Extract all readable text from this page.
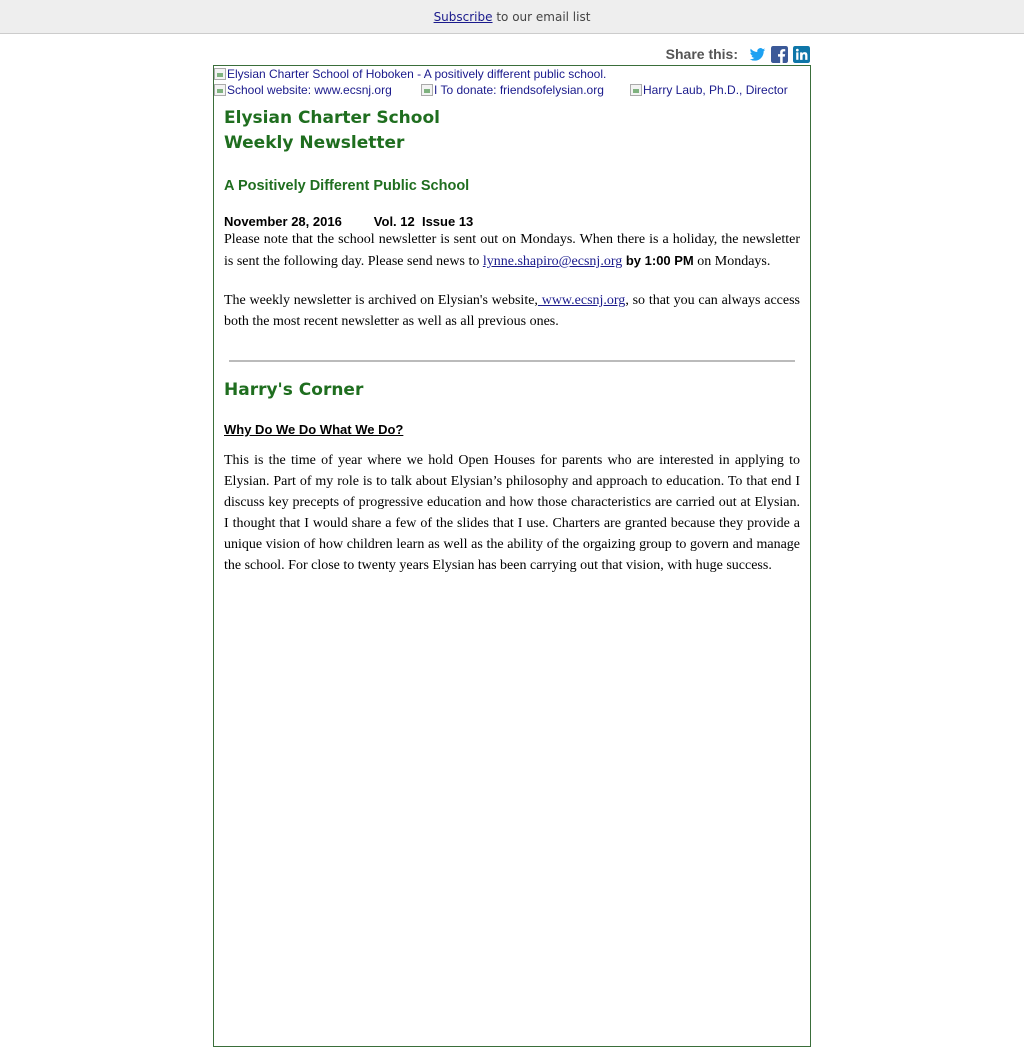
Subscribe to our email list
Share this:
Elysian Charter School of Hoboken - A positively different public school.
School website: www.ecsnj.org	I To donate: friendsofelysian.org	Harry Laub, Ph.D., Director
Elysian Charter School
Weekly Newsletter
A Positively Different Public School
November 28, 2016 Vol. 12  Issue 13

Please note that the school newsletter is sent out on Mondays. When there is a holiday, the newsletter is sent the following day. Please send news to lynne.shapiro@ecsnj.org by 1:00 PM on Mondays.

The weekly newsletter is archived on Elysian's website, www.ecsnj.org, so that you can always access both the most recent newsletter as well as all previous ones.

Harry's Corner
Why Do We Do What We Do?

This is the time of year where we hold Open Houses for parents who are interested in applying to Elysian. Part of my role is to talk about Elysian’s philosophy and approach to education. To that end I discuss key precepts of progressive education and how those characteristics are carried out at Elysian. I thought that I would share a few of the slides that I use. Charters are granted because they provide a unique vision of how children learn as well as the ability of the orgaizing group to govern and manage the school. For close to twenty years Elysian has been carrying out that vision, with huge success.
